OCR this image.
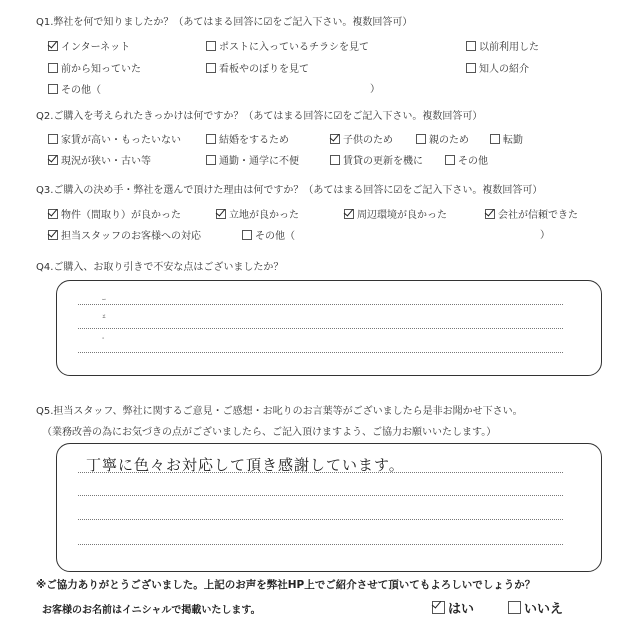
Q1.弊社を何で知りましたか？（あてはまる回答に☑をご記入下さい。複数回答可）
インターネット	ポストに入っているチラシを見て	以前利用した
前から知っていた	看板やのぼりを見て	知人の紹介
その他（	）
Q2.ご購入を考えられたきっかけは何ですか？（あてはまる回答に☑をご記入下さい。複数回答可）
家賃が高い・もったいない	結婚をするため	子供のため	親のため	転勤
現況が狭い・古い等	通勤・通学に不便	賃貸の更新を機に	その他
Q3.ご購入の決め手・弊社を選んで頂けた理由は何ですか？（あてはまる回答に☑をご記入下さい。複数回答可）
物件（間取り）が良かった	立地が良かった	周辺環境が良かった	会社が信頼できた
担当スタッフのお客様への対応	その他（	）
Q4.ご購入、お取り引きで不安な点はございましたか？
ｰ
ｪ
ﾟ
Q5.担当スタッフ、弊社に関するご意見・ご感想・お叱りのお言葉等がございましたら是非お聞かせ下さい。
（業務改善の為にお気づきの点がございましたら、ご記入頂けますよう、ご協力お願いいたします。）
丁寧に色々お対応して頂き感謝しています。
※ご協力ありがとうございました。上記のお声を弊社HP上でご紹介させて頂いてもよろしいでしょうか？
お客様のお名前はイニシャルで掲載いたします。	はい	いいえ
